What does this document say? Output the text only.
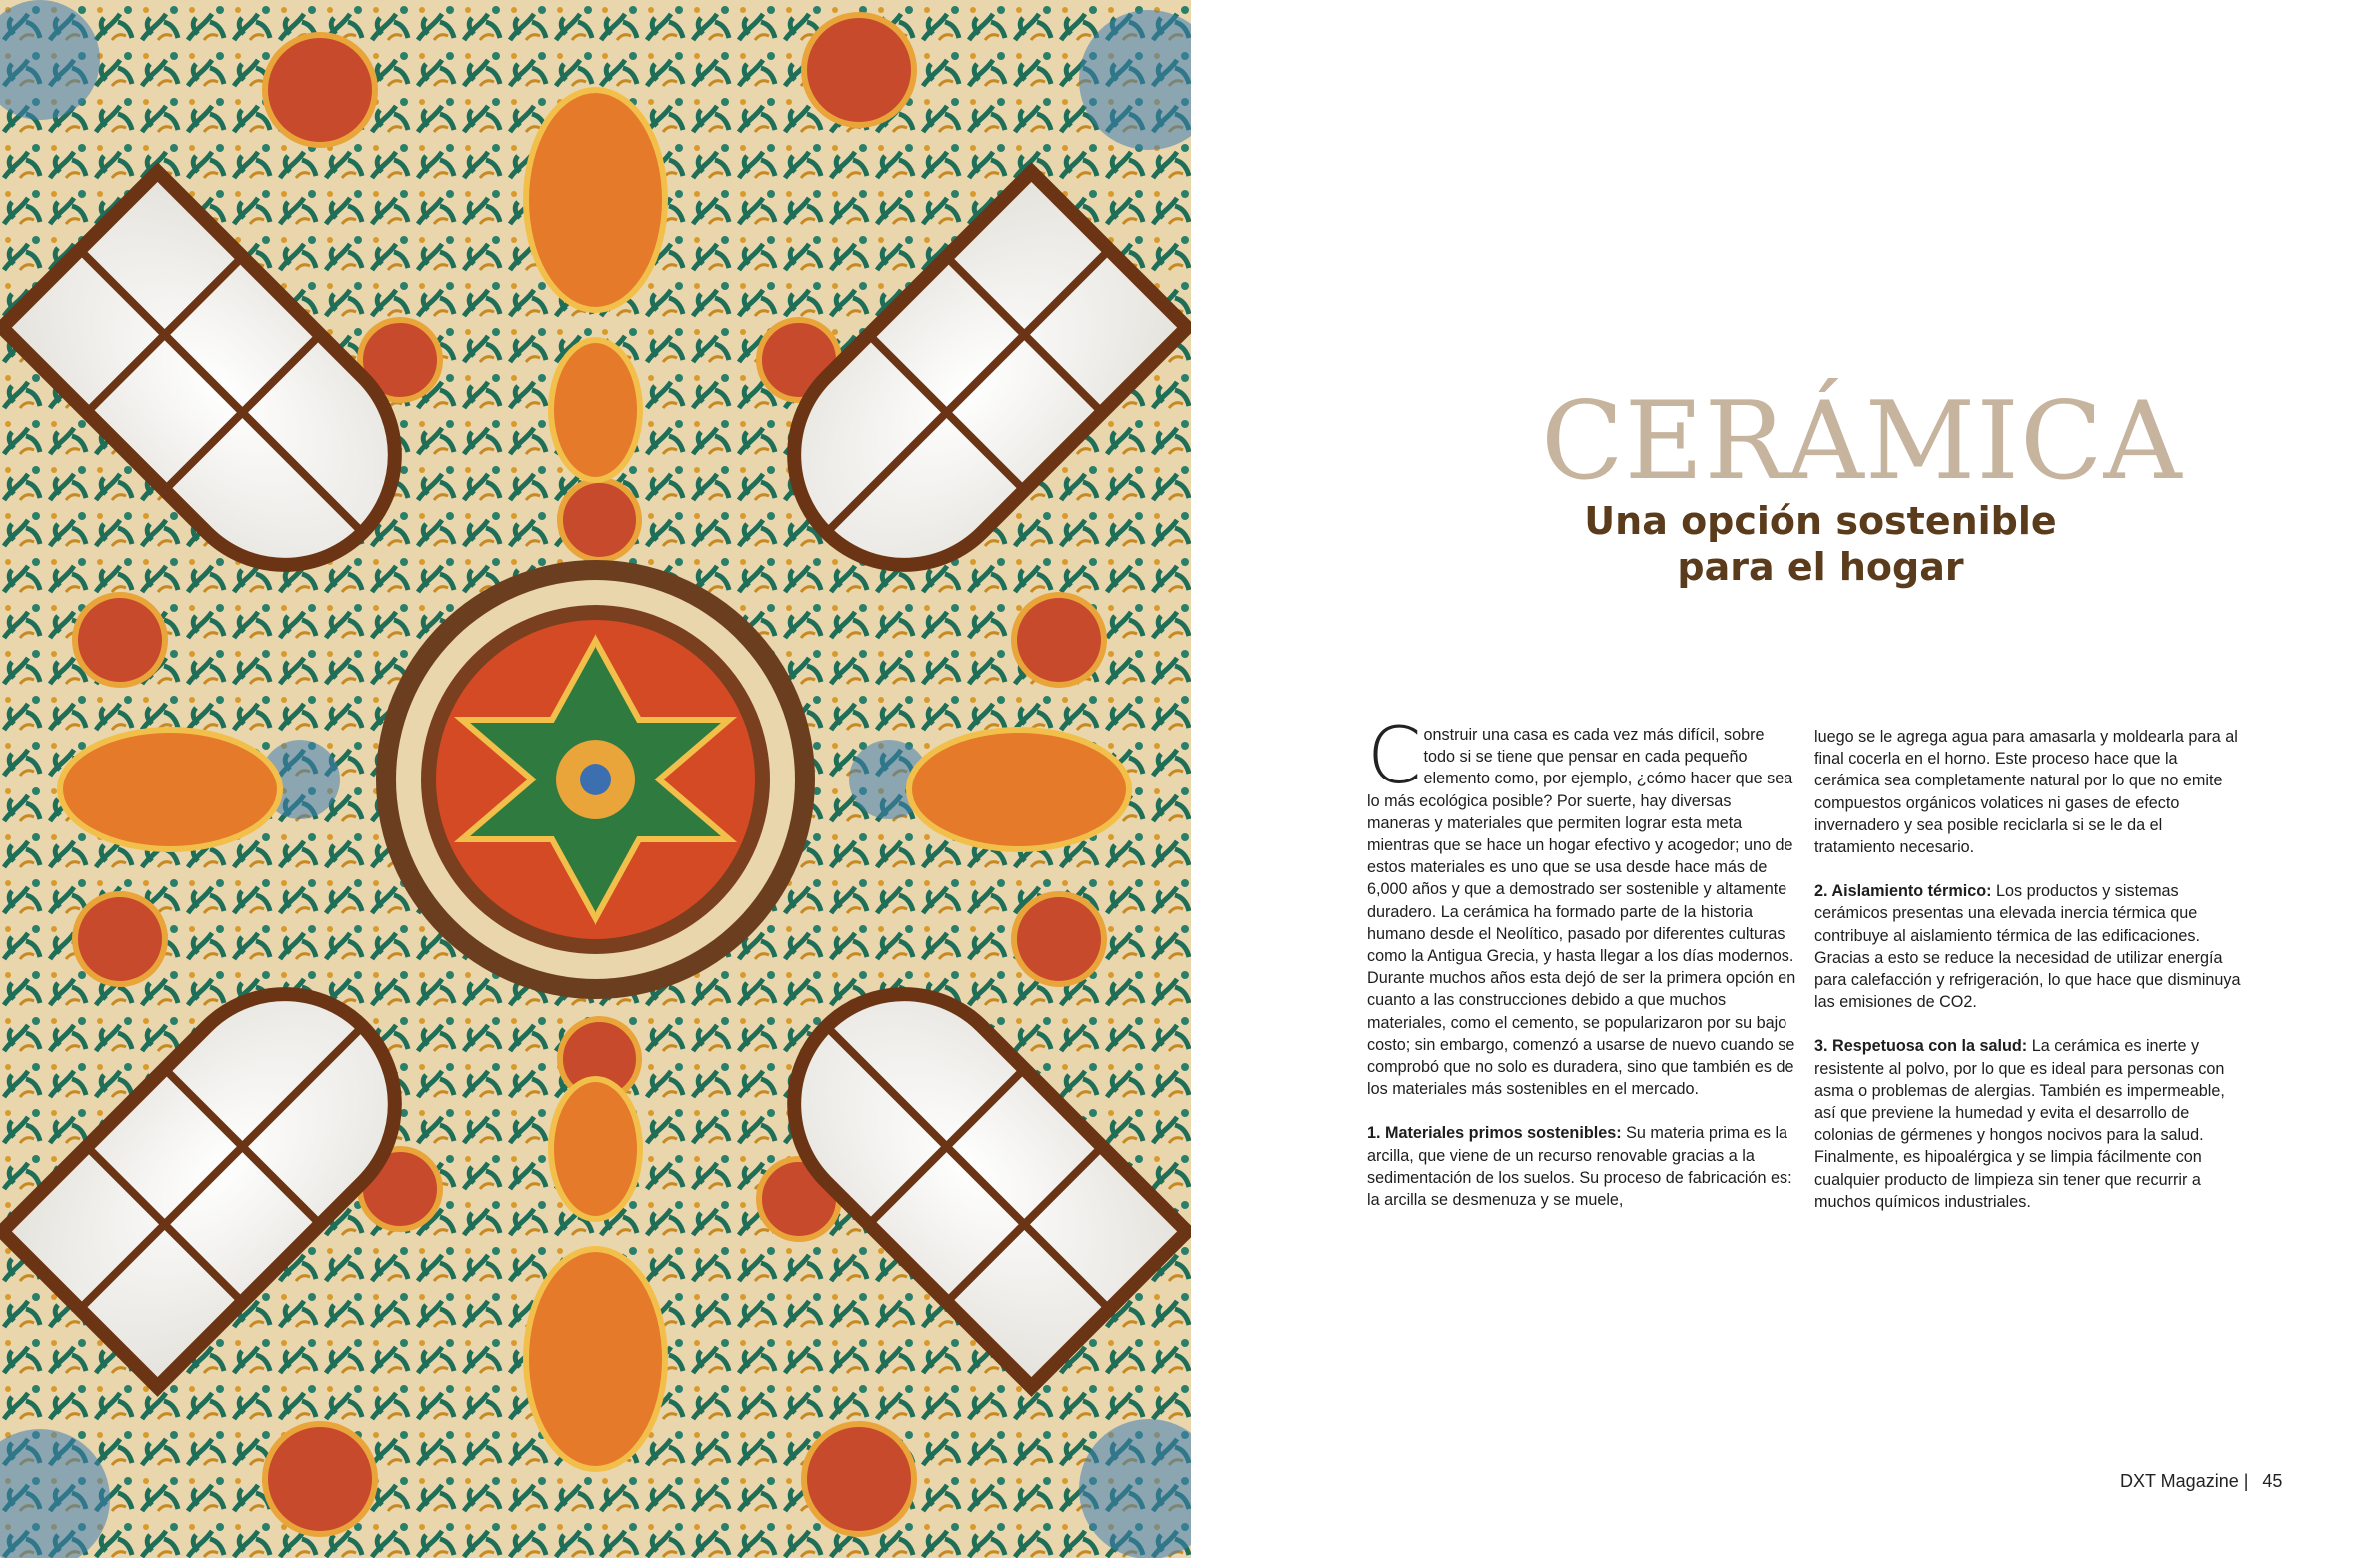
CERÁMICA
Una opción sostenible
para el hogar

Construir una casa es cada vez más difícil, sobre todo si se tiene que pensar en cada pequeño elemento como, por ejemplo, ¿cómo hacer que sea lo más ecológica posible? Por suerte, hay diversas maneras y materiales que permiten lograr esta meta mientras que se hace un hogar efectivo y acogedor; uno de estos materiales es uno que se usa desde hace más de 6,000 años y que a demostrado ser sostenible y altamente duradero. La cerámica ha formado parte de la historia humano desde el Neolítico, pasado por diferentes culturas como la Antigua Grecia, y hasta llegar a los días modernos. Durante muchos años esta dejó de ser la primera opción en cuanto a las construcciones debido a que muchos materiales, como el cemento, se popularizaron por su bajo costo; sin embargo, comenzó a usarse de nuevo cuando se comprobó que no solo es duradera, sino que también es de los materiales más sostenibles en el mercado.

1. Materiales primos sostenibles: Su materia prima es la arcilla, que viene de un recurso renovable gracias a la sedimentación de los suelos. Su proceso de fabricación es: la arcilla se desmenuza y se muele,

luego se le agrega agua para amasarla y moldearla para al final cocerla en el horno. Este proceso hace que la cerámica sea completamente natural por lo que no emite compuestos orgánicos volatices ni gases de efecto invernadero y sea posible reciclarla si se le da el tratamiento necesario.

2. Aislamiento térmico: Los productos y sistemas cerámicos presentas una elevada inercia térmica que contribuye al aislamiento térmica de las edificaciones. Gracias a esto se reduce la necesidad de utilizar energía para calefacción y refrigeración, lo que hace que disminuya las emisiones de CO2.

3. Respetuosa con la salud: La cerámica es inerte y resistente al polvo, por lo que es ideal para personas con asma o problemas de alergias. También es impermeable, así que previene la humedad y evita el desarrollo de colonias de gérmenes y hongos nocivos para la salud. Finalmente, es hipoalérgica y se limpia fácilmente con cualquier producto de limpieza sin tener que recurrir a muchos químicos industriales.

DXT Magazine | 45
